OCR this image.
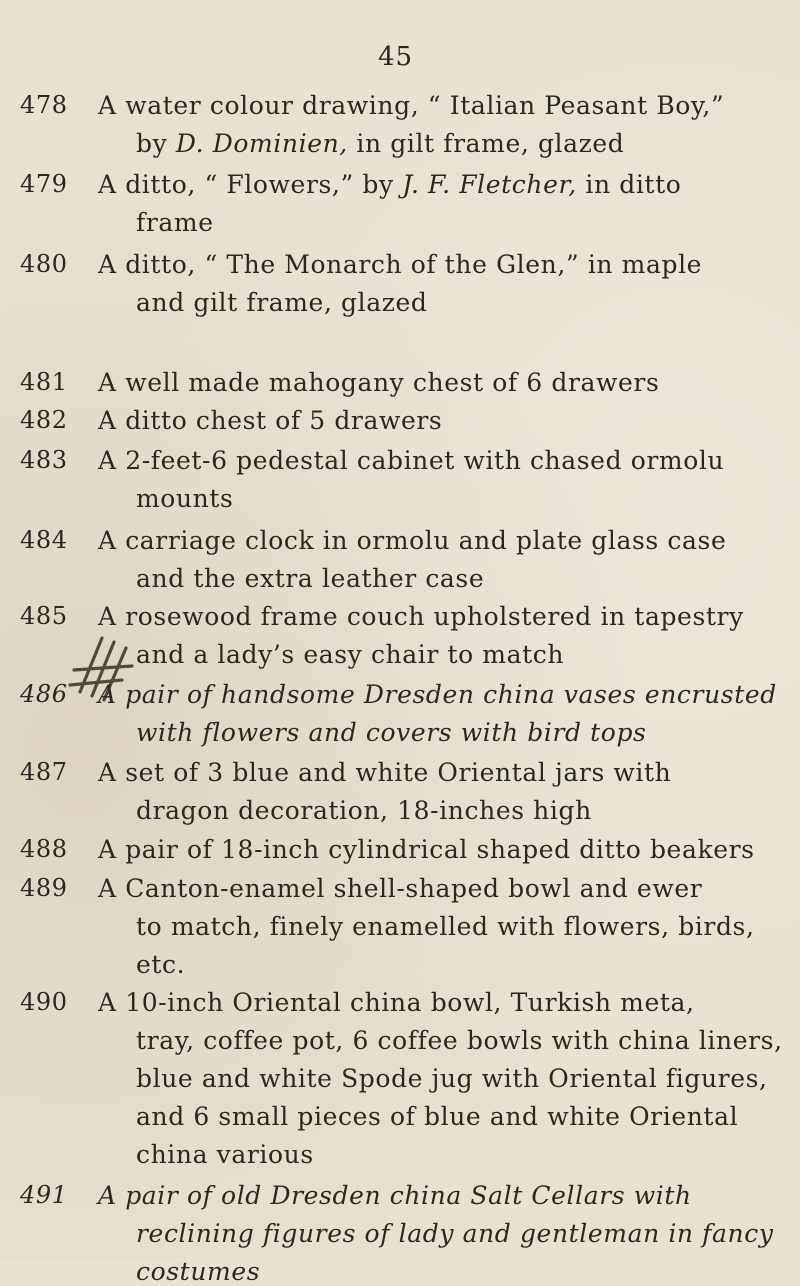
45
478 A water colour drawing, “ Italian Peasant Boy,”
by D. Dominien, in gilt frame, glazed
479 A ditto, “ Flowers,” by J. F. Fletcher, in ditto
frame
480 A ditto, “ The Monarch of the Glen,” in maple
and gilt frame, glazed
481 A well made mahogany chest of 6 drawers
482 A ditto chest of 5 drawers
483 A 2-feet-6 pedestal cabinet with chased ormolu
mounts
484 A carriage clock in ormolu and plate glass case
and the extra leather case
485 A rosewood frame couch upholstered in tapestry
and a lady’s easy chair to match
486 A pair of handsome Dresden china vases encrusted
with flowers and covers with bird tops
487 A set of 3 blue and white Oriental jars with
dragon decoration, 18-inches high
488 A pair of 18-inch cylindrical shaped ditto beakers
489 A Canton-enamel shell-shaped bowl and ewer
to match, finely enamelled with flowers, birds,
etc.
490 A 10-inch Oriental china bowl, Turkish meta,
tray, coffee pot, 6 coffee bowls with china liners,
blue and white Spode jug with Oriental figures,
and 6 small pieces of blue and white Oriental
china various
491 A pair of old Dresden china Salt Cellars with
reclining figures of lady and gentleman in fancy
costumes
